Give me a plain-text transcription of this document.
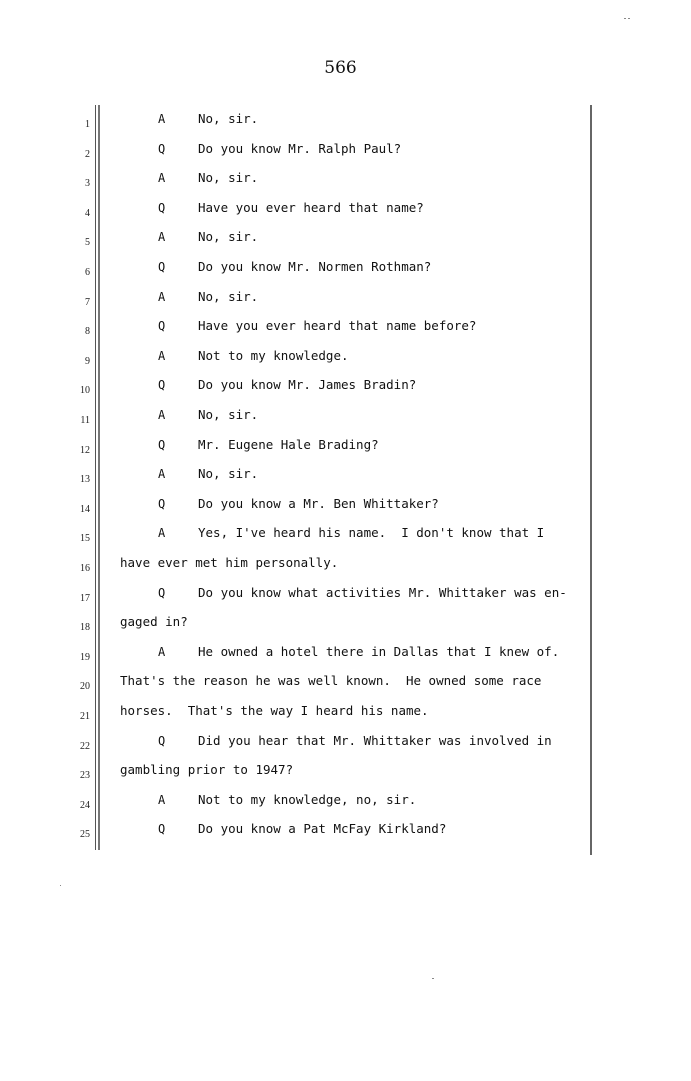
566
1
2
3
4
5
6
7
8
9
10
11
12
13
14
15
16
17
18
19
20
21
22
23
24
25
A	No, sir.
Q	Do you know Mr. Ralph Paul?
A	No, sir.
Q	Have you ever heard that name?
A	No, sir.
Q	Do you know Mr. Normen Rothman?
A	No, sir.
Q	Have you ever heard that name before?
A	Not to my knowledge.
Q	Do you know Mr. James Bradin?
A	No, sir.
Q	Mr. Eugene Hale Brading?
A	No, sir.
Q	Do you know a Mr. Ben Whittaker?
A	Yes, I've heard his name.  I don't know that I
have ever met him personally.
Q	Do you know what activities Mr. Whittaker was en-
gaged in?
A	He owned a hotel there in Dallas that I knew of.
That's the reason he was well known.  He owned some race
horses.  That's the way I heard his name.
Q	Did you hear that Mr. Whittaker was involved in
gambling prior to 1947?
A	Not to my knowledge, no, sir.
Q	Do you know a Pat McFay Kirkland?
